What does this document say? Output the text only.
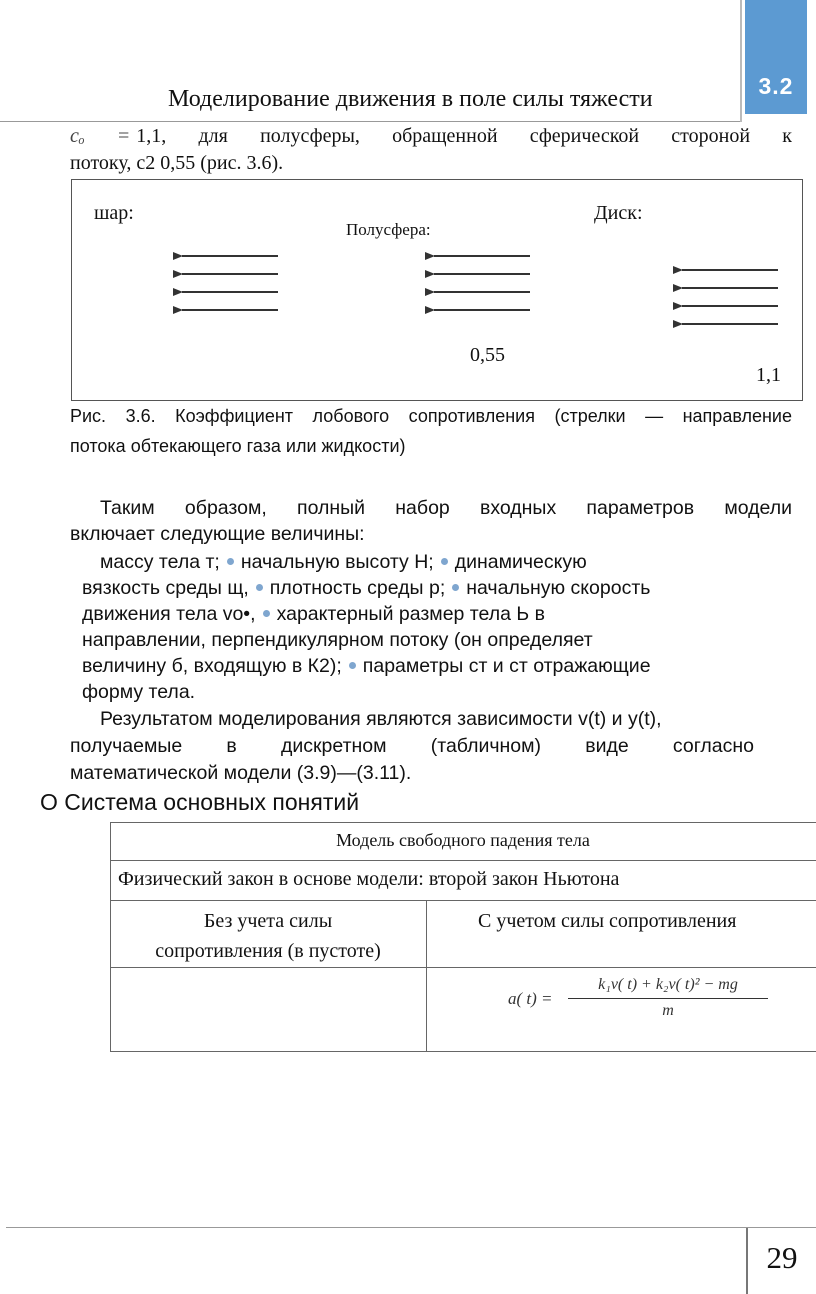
Моделирование движения в поле силы тяжести	3.2
cₒ = 1,1, для полусферы, обращенной сферической стороной к
потоку, с2 0,55 (рис. 3.6).
шар:
Полусфера:
Диск:
0,55
1,1
Рис. 3.6. Коэффициент лобового сопротивления (стрелки — направление
потока обтекающего газа или жидкости)
Таким образом, полный набор входных параметров модели
включает следующие величины:
массу тела т; начальную высоту Н; динамическую
вязкость среды щ, плотность среды р; начальную скорость
движения тела vo•, характерный размер тела Ь в
направлении, перпендикулярном потоку (он определяет
величину б, входящую в К2); параметры ст и ст отражающие
форму тела.
Результатом моделирования являются зависимости v(t) и y(t),
получаемые в дискретном (табличном) виде согласно
математической модели (3.9)—(3.11).
О Система основных понятий
Модель свободного падения тела
Физический закон в основе модели: второй закон Ньютона
Без учета силы
сопротивления (в пустоте)
С учетом силы сопротивления
a( t) =
k₁v( t) + k₂v( t)² − mg
m
29
